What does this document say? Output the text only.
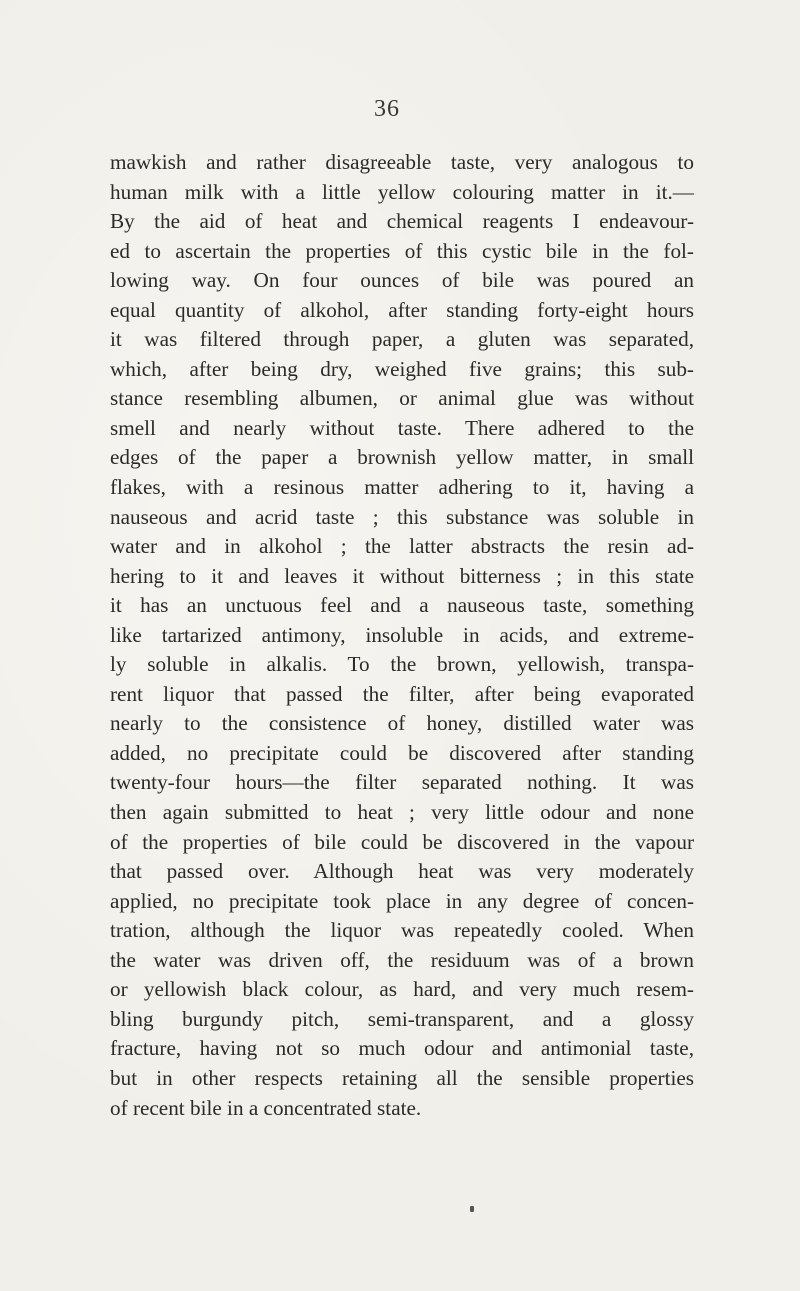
36
mawkish and rather disagreeable taste, very analogous to
human milk with a little yellow colouring matter in it.—
By the aid of heat and chemical reagents I endeavour-
ed to ascertain the properties of this cystic bile in the fol-
lowing way. On four ounces of bile was poured an
equal quantity of alkohol, after standing forty-eight hours
it was filtered through paper, a gluten was separated,
which, after being dry, weighed five grains; this sub-
stance resembling albumen, or animal glue was without
smell and nearly without taste. There adhered to the
edges of the paper a brownish yellow matter, in small
flakes, with a resinous matter adhering to it, having a
nauseous and acrid taste ; this substance was soluble in
water and in alkohol ; the latter abstracts the resin ad-
hering to it and leaves it without bitterness ; in this state
it has an unctuous feel and a nauseous taste, something
like tartarized antimony, insoluble in acids, and extreme-
ly soluble in alkalis. To the brown, yellowish, transpa-
rent liquor that passed the filter, after being evaporated
nearly to the consistence of honey, distilled water was
added, no precipitate could be discovered after standing
twenty-four hours—the filter separated nothing. It was
then again submitted to heat ; very little odour and none
of the properties of bile could be discovered in the vapour
that passed over. Although heat was very moderately
applied, no precipitate took place in any degree of concen-
tration, although the liquor was repeatedly cooled. When
the water was driven off, the residuum was of a brown
or yellowish black colour, as hard, and very much resem-
bling burgundy pitch, semi-transparent, and a glossy
fracture, having not so much odour and antimonial taste,
but in other respects retaining all the sensible properties
of recent bile in a concentrated state.
